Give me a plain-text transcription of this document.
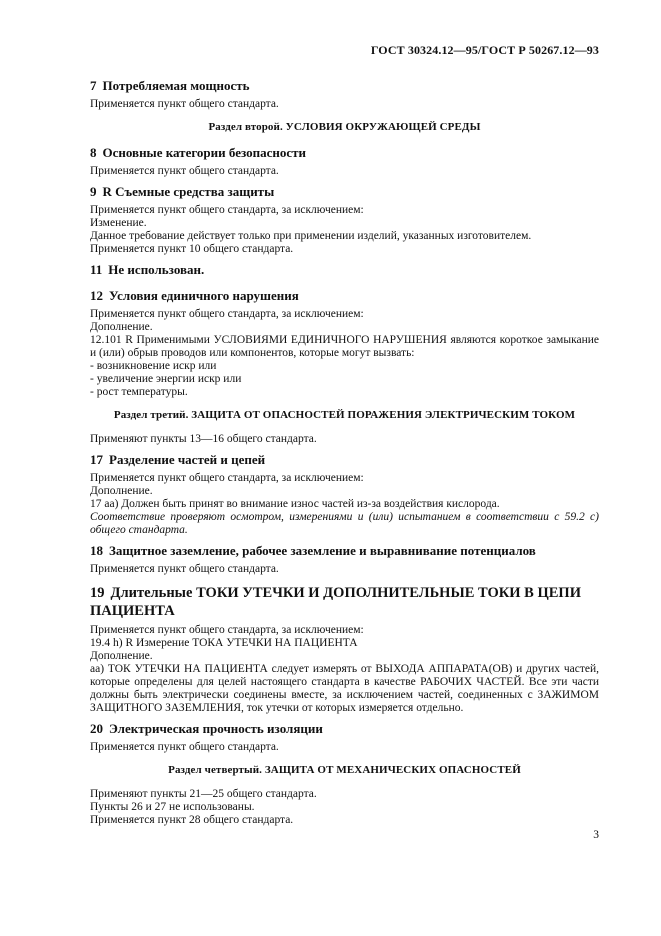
ГОСТ 30324.12—95/ГОСТ Р 50267.12—93
7 Потребляемая мощность

Применяется пункт общего стандарта.

Раздел второй. УСЛОВИЯ ОКРУЖАЮЩЕЙ СРЕДЫ
8 Основные категории безопасности

Применяется пункт общего стандарта.

9 R Съемные средства защиты

Применяется пункт общего стандарта, за исключением:

Изменение.

Данное требование действует только при применении изделий, указанных изготовителем.

Применяется пункт 10 общего стандарта.

11 Не использован.
12 Условия единичного нарушения

Применяется пункт общего стандарта, за исключением:

Дополнение.

12.101 R Применимыми УСЛОВИЯМИ ЕДИНИЧНОГО НАРУШЕНИЯ являются короткое замыкание и (или) обрыв проводов или компонентов, которые могут вызвать:

- возникновение искр или

- увеличение энергии искр или

- рост температуры.

Раздел третий. ЗАЩИТА ОТ ОПАСНОСТЕЙ ПОРАЖЕНИЯ ЭЛЕКТРИЧЕСКИМ ТОКОМ

Применяют пункты 13—16 общего стандарта.

17 Разделение частей и цепей

Применяется пункт общего стандарта, за исключением:

Дополнение.

17 аа) Должен быть принят во внимание износ частей из-за воздействия кислорода.

Соответствие проверяют осмотром, измерениями и (или) испытанием в соответствии с 59.2 с) общего стандарта.

18 Защитное заземление, рабочее заземление и выравнивание потенциалов

Применяется пункт общего стандарта.

19 Длительные ТОКИ УТЕЧКИ И ДОПОЛНИТЕЛЬНЫЕ ТОКИ В ЦЕПИ ПАЦИЕНТА

Применяется пункт общего стандарта, за исключением:

19.4 h) R Измерение ТОКА УТЕЧКИ НА ПАЦИЕНТА

Дополнение.

аа) ТОК УТЕЧКИ НА ПАЦИЕНТА следует измерять от ВЫХОДА АППАРАТА(ОВ) и других частей, которые определены для целей настоящего стандарта в качестве РАБОЧИХ ЧАСТЕЙ. Все эти части должны быть электрически соединены вместе, за исключением частей, соединенных с ЗАЖИМОМ ЗАЩИТНОГО ЗАЗЕМЛЕНИЯ, ток утечки от которых измеряется отдельно.

20 Электрическая прочность изоляции

Применяется пункт общего стандарта.

Раздел четвертый. ЗАЩИТА ОТ МЕХАНИЧЕСКИХ ОПАСНОСТЕЙ

Применяют пункты 21—25 общего стандарта.

Пункты 26 и 27 не использованы.

Применяется пункт 28 общего стандарта.

3
